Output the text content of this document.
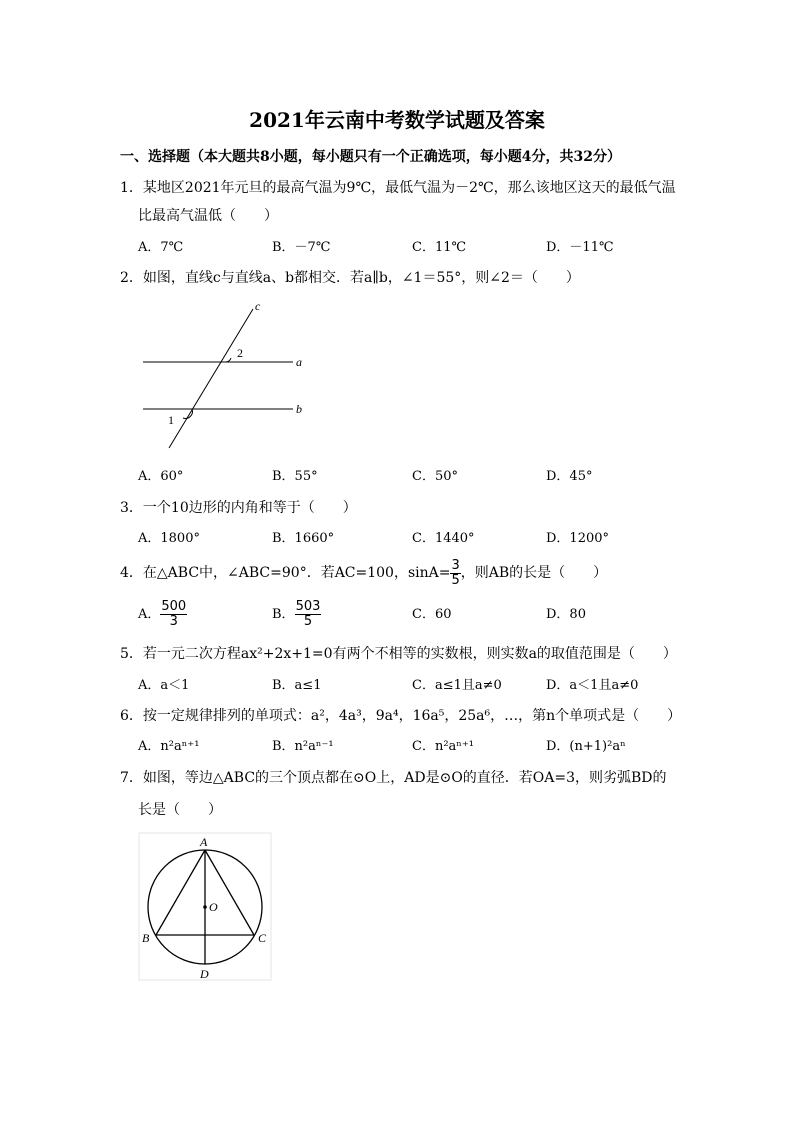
2021年云南中考数学试题及答案
一、选择题（本大题共8小题，每小题只有一个正确选项，每小题4分，共32分）
1．某地区2021年元旦的最高气温为9℃，最低气温为－2℃，那么该地区这天的最低气温
比最高气温低（　　）
A．7℃	B．－7℃	C．11℃	D．－11℃
2．如图，直线c与直线a、b都相交．若a∥b，∠1＝55°，则∠2＝（　　）
c
a
b
2
1
A．60°	B．55°	C．50°	D．45°
3．一个10边形的内角和等于（　　）
A．1800°	B．1660°	C．1440°	D．1200°
4．在△ABC中，∠ABC=90°．若AC=100，$\sin A= \frac{3}{5}$ ，则AB的长是（　　）
A． $\frac{500}{3}$	B． $\frac{503}{5}$	C．60	D．80
5．若一元二次方程ax²+2x+1=0有两个不相等的实数根，则实数a的取值范围是（　　）
A．a＜1	B．a≤1	C．a≤1且a≠0	D．a＜1且a≠0
6．按一定规律排列的单项式：a²，4a³，9a⁴，16a⁵，25a⁶，…，第n个单项式是（　　）
A．n²aⁿ⁺¹	B．n²aⁿ⁻¹	C．n²aⁿ⁺¹	D．(n+1)²aⁿ
7．如图，等边△ABC的三个顶点都在⊙O上，AD是⊙O的直径．若OA=3，则劣弧BD的
长是（　　）
A
B	C
D
O
